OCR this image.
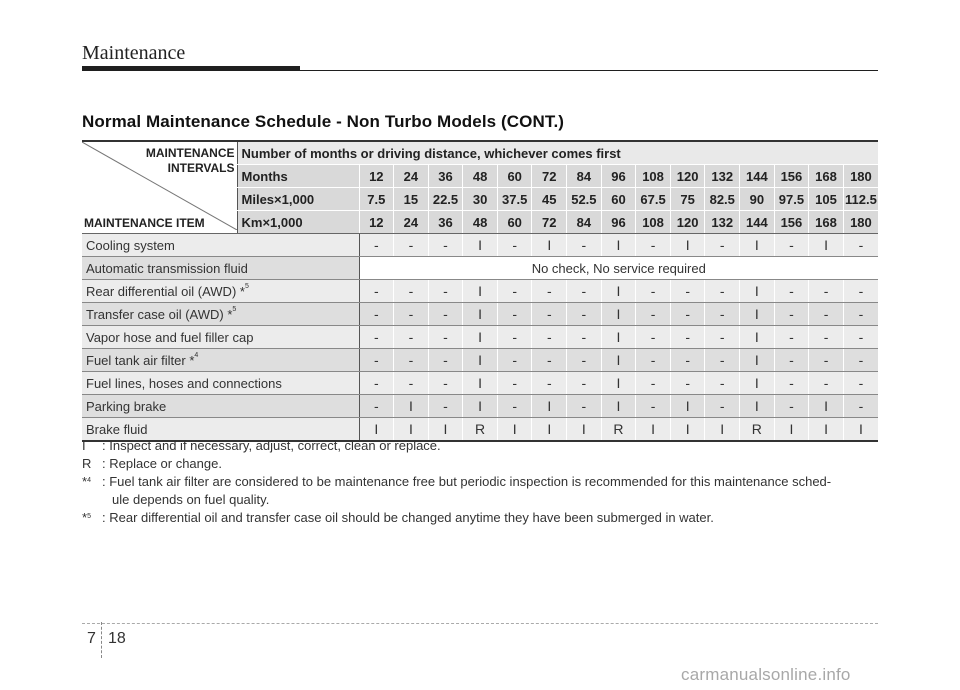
Maintenance
Normal Maintenance Schedule - Non Turbo Models (CONT.)
MAINTENANCE INTERVALS
MAINTENANCE ITEM	Number of months or driving distance, whichever comes first															
	Months	12	24	36	48	60	72	84	96	108	120	132	144	156	168	180
	Miles×1,000	7.5	15	22.5	30	37.5	45	52.5	60	67.5	75	82.5	90	97.5	105	112.5
	Km×1,000	12	24	36	48	60	72	84	96	108	120	132	144	156	168	180
Cooling system		-	-	-	I	-	I	-	I	-	I	-	I	-	I	-
Automatic transmission fluid		No check, No service required														
Rear differential oil (AWD) *$^5$		-	-	-	I	-	-	-	I	-	-	-	I	-	-	-
Transfer case oil (AWD) *$^5$		-	-	-	I	-	-	-	I	-	-	-	I	-	-	-
Vapor hose and fuel filler cap		-	-	-	I	-	-	-	I	-	-	-	I	-	-	-
Fuel tank air filter *$^4$		-	-	-	I	-	-	-	I	-	-	-	I	-	-	-
Fuel lines, hoses and connections		-	-	-	I	-	-	-	I	-	-	-	I	-	-	-
Parking brake		-	I	-	I	-	I	-	I	-	I	-	I	-	I	-
Brake fluid		I	I	I	R	I	I	I	R	I	I	I	R	I	I	I
I : Inspect and if necessary, adjust, correct, clean or replace.
R : Replace or change.
*$^4$ : Fuel tank air filter are considered to be maintenance free but periodic inspection is recommended for this maintenance sched-
ule depends on fuel quality.
*$^5$ : Rear differential oil and transfer case oil should be changed anytime they have been submerged in water.
7 18
carmanualsonline.info
